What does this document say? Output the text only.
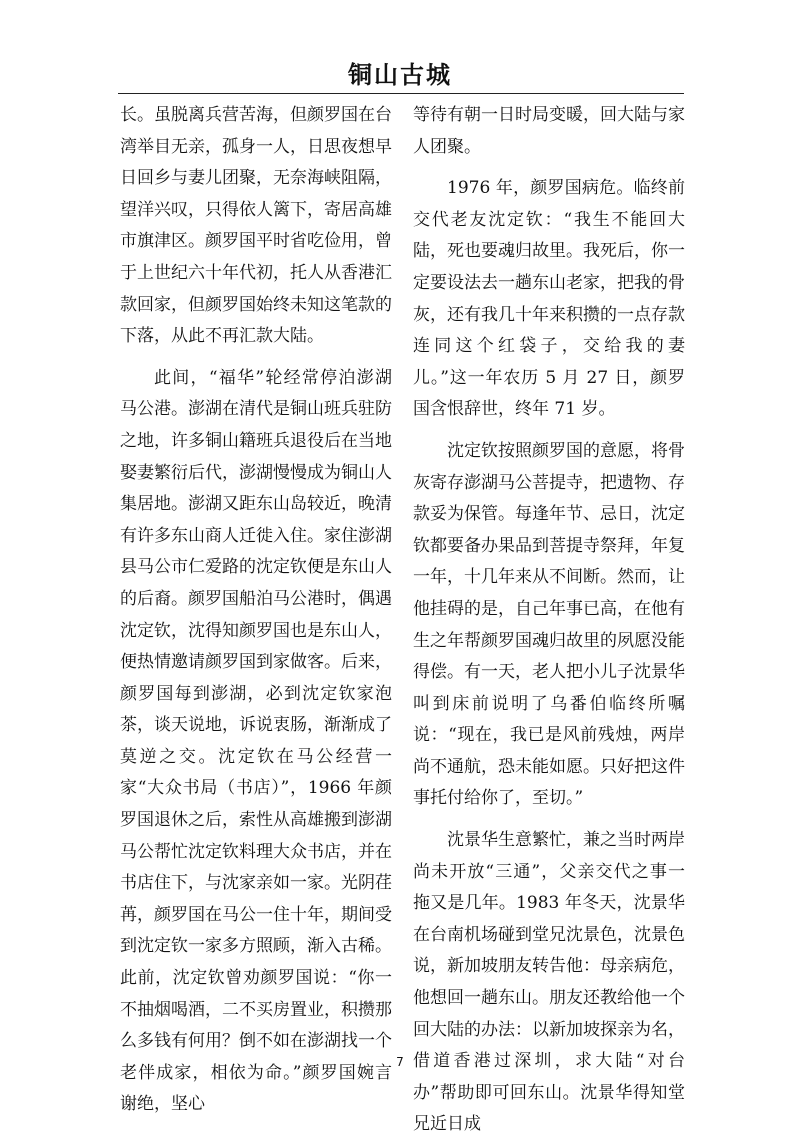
铜山古城

长。虽脱离兵营苦海，但颜罗国在台湾举目无亲，孤身一人，日思夜想早日回乡与妻儿团聚，无奈海峡阻隔，望洋兴叹，只得依人篱下，寄居高雄市旗津区。颜罗国平时省吃俭用，曾于上世纪六十年代初，托人从香港汇款回家，但颜罗国始终未知这笔款的下落，从此不再汇款大陆。

此间，“福华”轮经常停泊澎湖马公港。澎湖在清代是铜山班兵驻防之地，许多铜山籍班兵退役后在当地娶妻繁衍后代，澎湖慢慢成为铜山人集居地。澎湖又距东山岛较近，晚清有许多东山商人迁徙入住。家住澎湖县马公市仁爱路的沈定钦便是东山人的后裔。颜罗国船泊马公港时，偶遇沈定钦，沈得知颜罗国也是东山人，便热情邀请颜罗国到家做客。后来，颜罗国每到澎湖，必到沈定钦家泡茶，谈天说地，诉说衷肠，渐渐成了莫逆之交。沈定钦在马公经营一家“大众书局（书店）”，1966 年颜罗国退休之后，索性从高雄搬到澎湖马公帮忙沈定钦料理大众书店，并在书店住下，与沈家亲如一家。光阴荏苒，颜罗国在马公一住十年，期间受到沈定钦一家多方照顾，渐入古稀。此前，沈定钦曾劝颜罗国说：“你一不抽烟喝酒，二不买房置业，积攒那么多钱有何用？倒不如在澎湖找一个老伴成家，相依为命。”颜罗国婉言谢绝，坚心

等待有朝一日时局变暖，回大陆与家人团聚。

1976 年，颜罗国病危。临终前交代老友沈定钦：“我生不能回大陆，死也要魂归故里。我死后，你一定要设法去一趟东山老家，把我的骨灰，还有我几十年来积攒的一点存款连同这个红袋子，交给我的妻儿。”这一年农历 5 月 27 日，颜罗国含恨辞世，终年 71 岁。

沈定钦按照颜罗国的意愿，将骨灰寄存澎湖马公菩提寺，把遗物、存款妥为保管。每逢年节、忌日，沈定钦都要备办果品到菩提寺祭拜，年复一年，十几年来从不间断。然而，让他挂碍的是，自己年事已高，在他有生之年帮颜罗国魂归故里的夙愿没能得偿。有一天，老人把小儿子沈景华叫到床前说明了乌番伯临终所嘱说：“现在，我已是风前残烛，两岸尚不通航，恐未能如愿。只好把这件事托付给你了，至切。”

沈景华生意繁忙，兼之当时两岸尚未开放“三通”，父亲交代之事一拖又是几年。1983 年冬天，沈景华在台南机场碰到堂兄沈景色，沈景色说，新加坡朋友转告他：母亲病危，他想回一趟东山。朋友还教给他一个回大陆的办法：以新加坡探亲为名，借道香港过深圳，求大陆“对台办”帮助即可回东山。沈景华得知堂兄近日成

7
